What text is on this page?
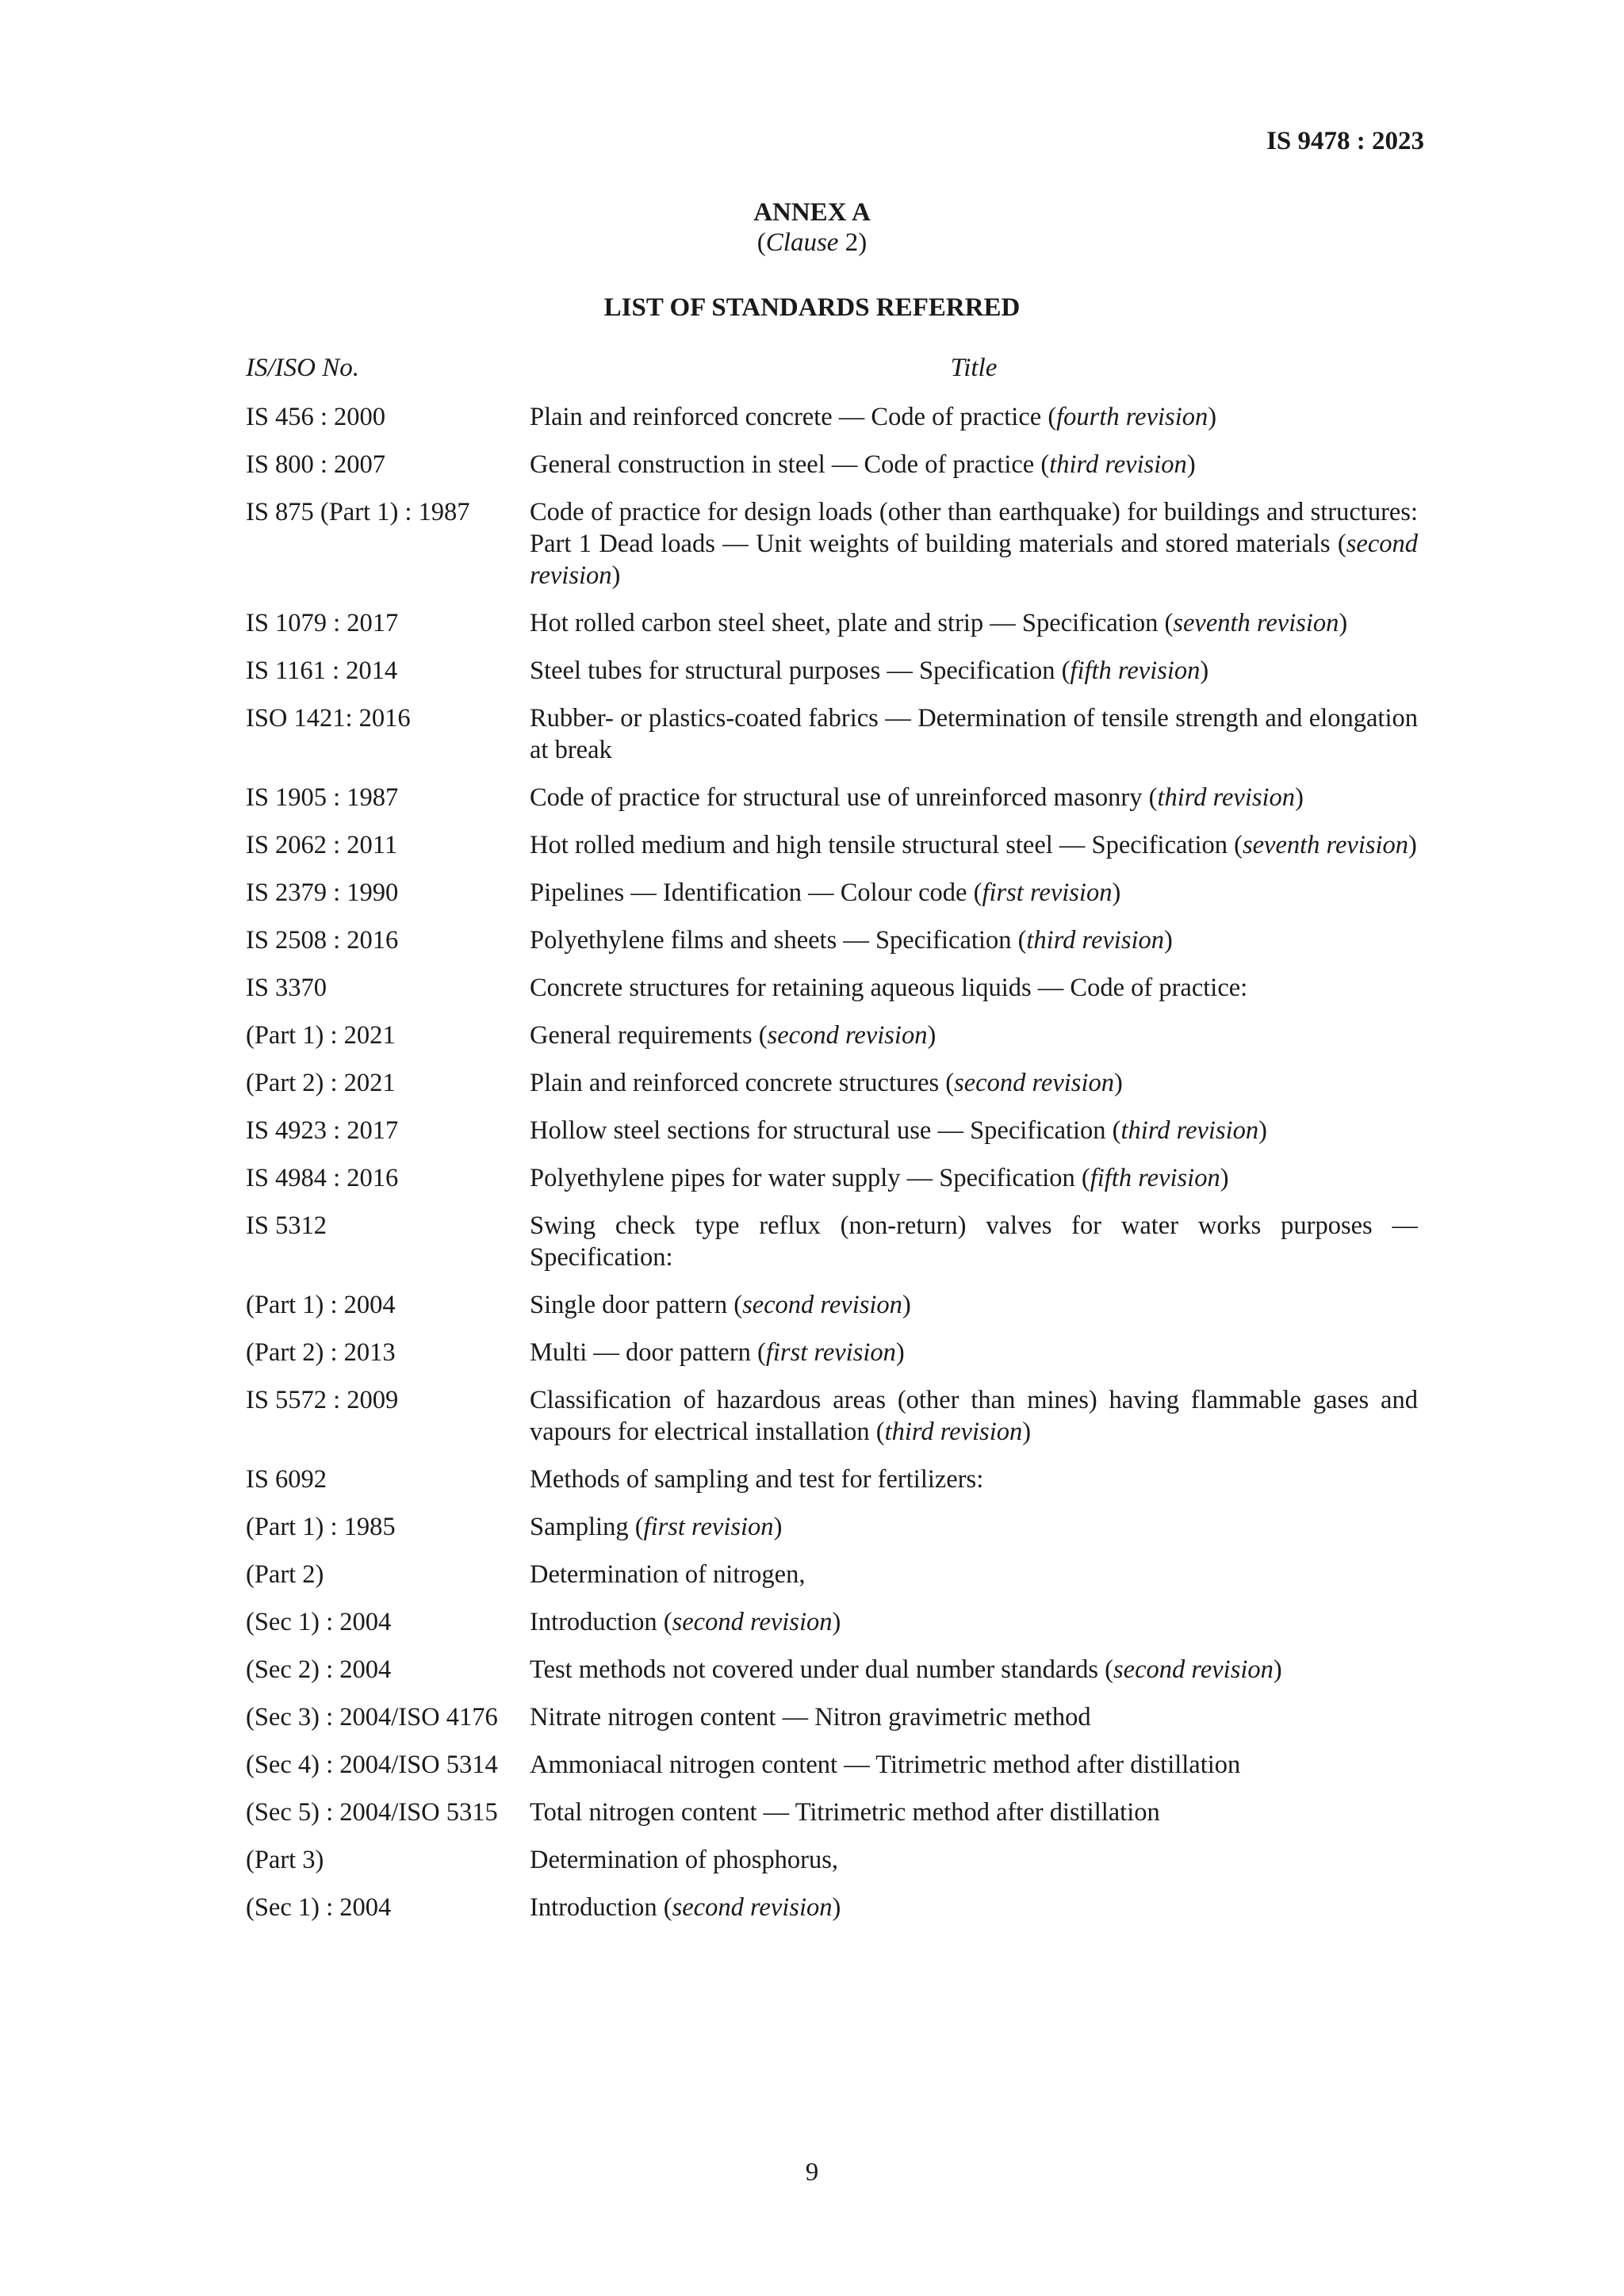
IS 9478 : 2023
ANNEX A
(Clause 2)
LIST OF STANDARDS REFERRED
IS/ISO No.	Title
IS 456 : 2000	Plain and reinforced concrete — Code of practice (fourth revision)
IS 800 : 2007	General construction in steel — Code of practice (third revision)
IS 875 (Part 1) : 1987	Code of practice for design loads (other than earthquake) for buildings and structures: Part 1 Dead loads — Unit weights of building materials and stored materials (second revision)
IS 1079 : 2017	Hot rolled carbon steel sheet, plate and strip — Specification (seventh revision)
IS 1161 : 2014	Steel tubes for structural purposes — Specification (fifth revision)
ISO 1421: 2016	Rubber- or plastics-coated fabrics — Determination of tensile strength and elongation at break
IS 1905 : 1987	Code of practice for structural use of unreinforced masonry (third revision)
IS 2062 : 2011	Hot rolled medium and high tensile structural steel — Specification (seventh revision)
IS 2379 : 1990	Pipelines — Identification — Colour code (first revision)
IS 2508 : 2016	Polyethylene films and sheets — Specification (third revision)
IS 3370	Concrete structures for retaining aqueous liquids — Code of practice:
(Part 1) : 2021	General requirements (second revision)
(Part 2) : 2021	Plain and reinforced concrete structures (second revision)
IS 4923 : 2017	Hollow steel sections for structural use — Specification (third revision)
IS 4984 : 2016	Polyethylene pipes for water supply — Specification (fifth revision)
IS 5312	Swing check type reflux (non-return) valves for water works purposes — Specification:
(Part 1) : 2004	Single door pattern (second revision)
(Part 2) : 2013	Multi — door pattern (first revision)
IS 5572 : 2009	Classification of hazardous areas (other than mines) having flammable gases and vapours for electrical installation (third revision)
IS 6092	Methods of sampling and test for fertilizers:
(Part 1) : 1985	Sampling (first revision)
(Part 2)	Determination of nitrogen,
(Sec 1) : 2004	Introduction (second revision)
(Sec 2) : 2004	Test methods not covered under dual number standards (second revision)
(Sec 3) : 2004/ISO 4176	Nitrate nitrogen content — Nitron gravimetric method
(Sec 4) : 2004/ISO 5314	Ammoniacal nitrogen content — Titrimetric method after distillation
(Sec 5) : 2004/ISO 5315	Total nitrogen content — Titrimetric method after distillation
(Part 3)	Determination of phosphorus,
(Sec 1) : 2004	Introduction (second revision)
9
